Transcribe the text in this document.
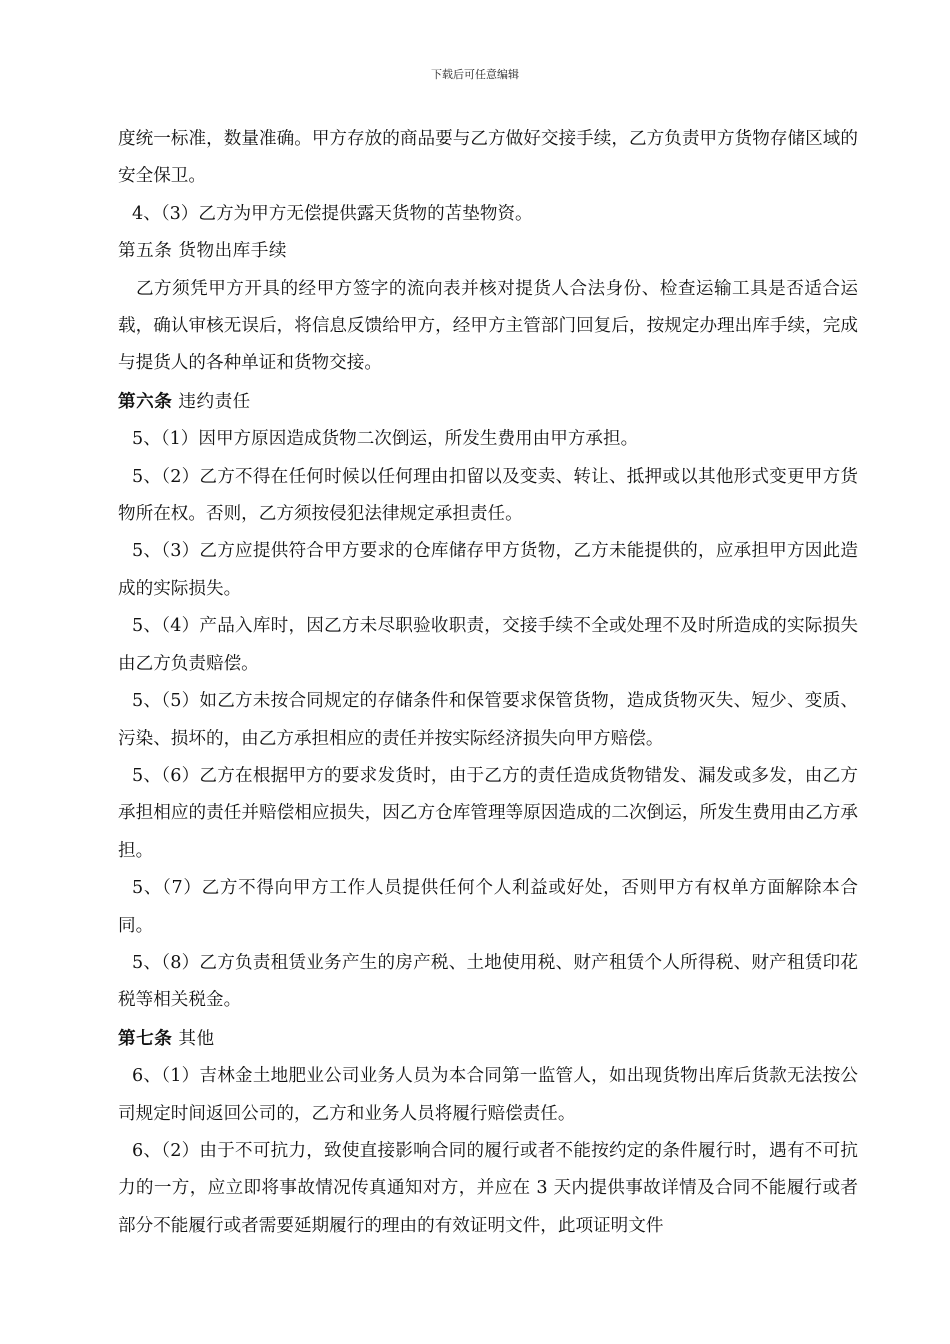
下载后可任意编辑

度统一标准，数量准确。甲方存放的商品要与乙方做好交接手续，乙方负责甲方货物存储区域的安全保卫。

4、（3）乙方为甲方无偿提供露天货物的苫垫物资。

第五条 货物出库手续

乙方须凭甲方开具的经甲方签字的流向表并核对提货人合法身份、检查运输工具是否适合运载，确认审核无误后，将信息反馈给甲方，经甲方主管部门回复后，按规定办理出库手续，完成与提货人的各种单证和货物交接。

第六条 违约责任

5、（1）因甲方原因造成货物二次倒运，所发生费用由甲方承担。

5、（2）乙方不得在任何时候以任何理由扣留以及变卖、转让、抵押或以其他形式变更甲方货物所在权。否则，乙方须按侵犯法律规定承担责任。

5、（3）乙方应提供符合甲方要求的仓库储存甲方货物，乙方未能提供的，应承担甲方因此造成的实际损失。

5、（4）产品入库时，因乙方未尽职验收职责，交接手续不全或处理不及时所造成的实际损失由乙方负责赔偿。

5、（5）如乙方未按合同规定的存储条件和保管要求保管货物，造成货物灭失、短少、变质、污染、损坏的，由乙方承担相应的责任并按实际经济损失向甲方赔偿。

5、（6）乙方在根据甲方的要求发货时，由于乙方的责任造成货物错发、漏发或多发，由乙方承担相应的责任并赔偿相应损失，因乙方仓库管理等原因造成的二次倒运，所发生费用由乙方承担。

5、（7）乙方不得向甲方工作人员提供任何个人利益或好处，否则甲方有权单方面解除本合同。

5、（8）乙方负责租赁业务产生的房产税、土地使用税、财产租赁个人所得税、财产租赁印花税等相关税金。

第七条 其他

6、（1）吉林金土地肥业公司业务人员为本合同第一监管人，如出现货物出库后货款无法按公司规定时间返回公司的，乙方和业务人员将履行赔偿责任。

6、（2）由于不可抗力，致使直接影响合同的履行或者不能按约定的条件履行时，遇有不可抗力的一方，应立即将事故情况传真通知对方，并应在 3 天内提供事故详情及合同不能履行或者部分不能履行或者需要延期履行的理由的有效证明文件，此项证明文件
